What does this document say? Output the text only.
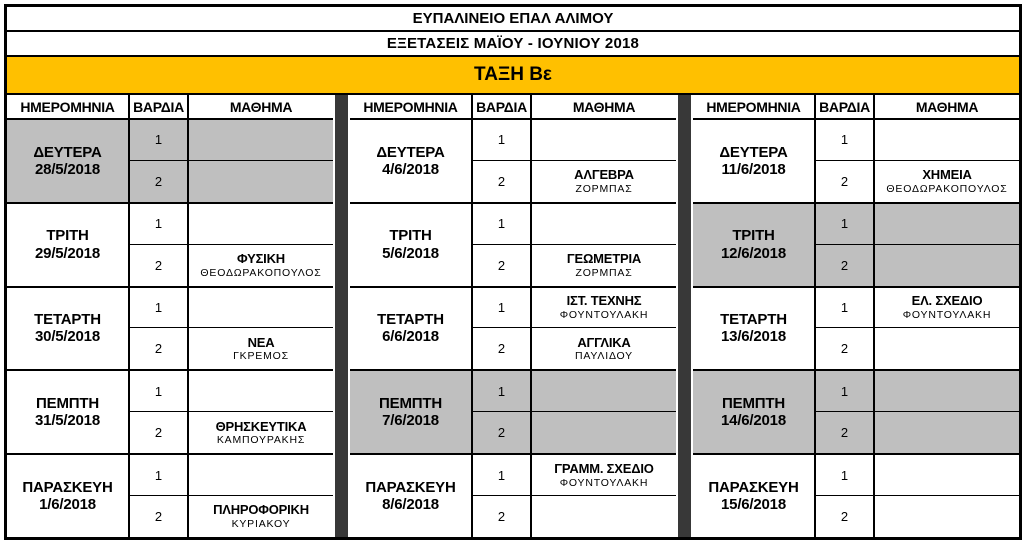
ΕΥΠΑΛΙΝΕΙΟ ΕΠΑΛ ΑΛΙΜΟΥ
ΕΞΕΤΑΣΕΙΣ ΜΑΪΟΥ - ΙΟΥΝΙΟΥ 2018
ΤΑΞΗ Βε
ΗΜΕΡΟΜΗΝΙΑ	ΒΑΡΔΙΑ	ΜΑΘΗΜΑ
ΔΕΥΤΕΡΑ
28/5/2018
1
2
ΤΡΙΤΗ
29/5/2018
1
2	ΦΥΣΙΚΗ
ΘΕΟΔΩΡΑΚΟΠΟΥΛΟΣ
ΤΕΤΑΡΤΗ
30/5/2018
1
2	ΝΕΑ
ΓΚΡΕΜΟΣ
ΠΕΜΠΤΗ
31/5/2018
1
2	ΘΡΗΣΚΕΥΤΙΚΑ
ΚΑΜΠΟΥΡΑΚΗΣ
ΠΑΡΑΣΚΕΥΗ
1/6/2018
1
2	ΠΛΗΡΟΦΟΡΙΚΗ
ΚΥΡΙΑΚΟΥ
ΗΜΕΡΟΜΗΝΙΑ	ΒΑΡΔΙΑ	ΜΑΘΗΜΑ
ΔΕΥΤΕΡΑ
4/6/2018
1
2	ΑΛΓΕΒΡΑ
ΖΟΡΜΠΑΣ
ΤΡΙΤΗ
5/6/2018
1
2	ΓΕΩΜΕΤΡΙΑ
ΖΟΡΜΠΑΣ
ΤΕΤΑΡΤΗ
6/6/2018
1	ΙΣΤ. ΤΕΧΝΗΣ
ΦΟΥΝΤΟΥΛΑΚΗ
2	ΑΓΓΛΙΚΑ
ΠΑΥΛΙΔΟΥ
ΠΕΜΠΤΗ
7/6/2018
1
2
ΠΑΡΑΣΚΕΥΗ
8/6/2018
1	ΓΡΑΜΜ. ΣΧΕΔΙΟ
ΦΟΥΝΤΟΥΛΑΚΗ
2
ΗΜΕΡΟΜΗΝΙΑ	ΒΑΡΔΙΑ	ΜΑΘΗΜΑ
ΔΕΥΤΕΡΑ
11/6/2018
1
2	ΧΗΜΕΙΑ
ΘΕΟΔΩΡΑΚΟΠΟΥΛΟΣ
ΤΡΙΤΗ
12/6/2018
1
2
ΤΕΤΑΡΤΗ
13/6/2018
1	ΕΛ. ΣΧΕΔΙΟ
ΦΟΥΝΤΟΥΛΑΚΗ
2
ΠΕΜΠΤΗ
14/6/2018
1
2
ΠΑΡΑΣΚΕΥΗ
15/6/2018
1
2
